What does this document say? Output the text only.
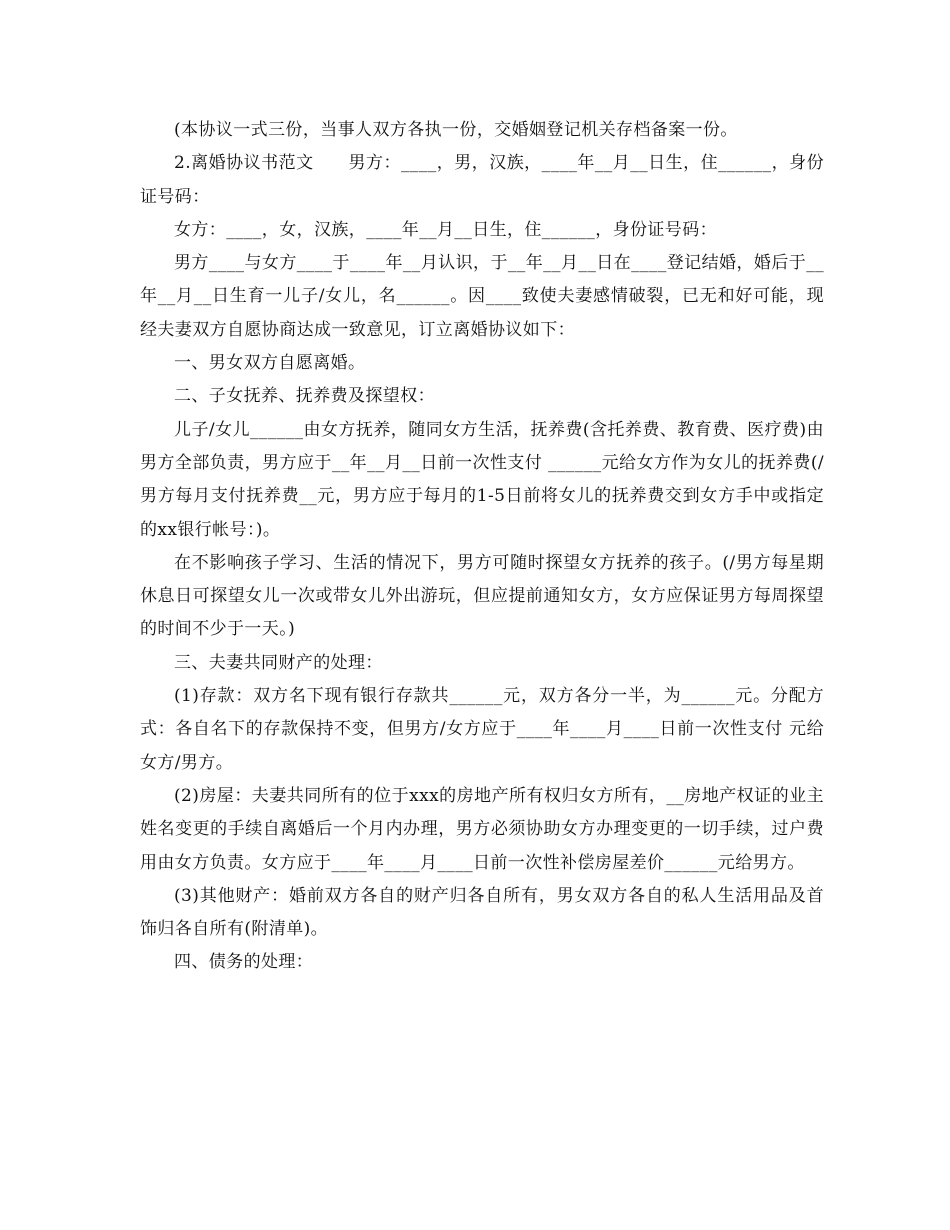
(本协议一式三份，当事人双方各执一份，交婚姻登记机关存档备案一份。

2.离婚协议书范文　　男方：____，男，汉族，____年__月__日生，住______，身份证号码：

女方：____，女，汉族，____年__月__日生，住______，身份证号码：

男方____与女方____于____年__月认识，于__年__月__日在____登记结婚，婚后于__年__月__日生育一儿子/女儿，名______。因____致使夫妻感情破裂，已无和好可能，现经夫妻双方自愿协商达成一致意见，订立离婚协议如下：

一、男女双方自愿离婚。

二、子女抚养、抚养费及探望权：

儿子/女儿______由女方抚养，随同女方生活，抚养费(含托养费、教育费、医疗费)由男方全部负责，男方应于__年__月__日前一次性支付 ______元给女方作为女儿的抚养费(/男方每月支付抚养费__元，男方应于每月的1-5日前将女儿的抚养费交到女方手中或指定的xx银行帐号：)。

在不影响孩子学习、生活的情况下，男方可随时探望女方抚养的孩子。(/男方每星期休息日可探望女儿一次或带女儿外出游玩，但应提前通知女方，女方应保证男方每周探望的时间不少于一天。)

三、夫妻共同财产的处理：

(1)存款：双方名下现有银行存款共______元，双方各分一半，为______元。分配方式：各自名下的存款保持不变，但男方/女方应于____年____月____日前一次性支付 元给女方/男方。

(2)房屋：夫妻共同所有的位于xxx的房地产所有权归女方所有，__房地产权证的业主姓名变更的手续自离婚后一个月内办理，男方必须协助女方办理变更的一切手续，过户费用由女方负责。女方应于____年____月____日前一次性补偿房屋差价______元给男方。

(3)其他财产：婚前双方各自的财产归各自所有，男女双方各自的私人生活用品及首饰归各自所有(附清单)。

四、债务的处理：
